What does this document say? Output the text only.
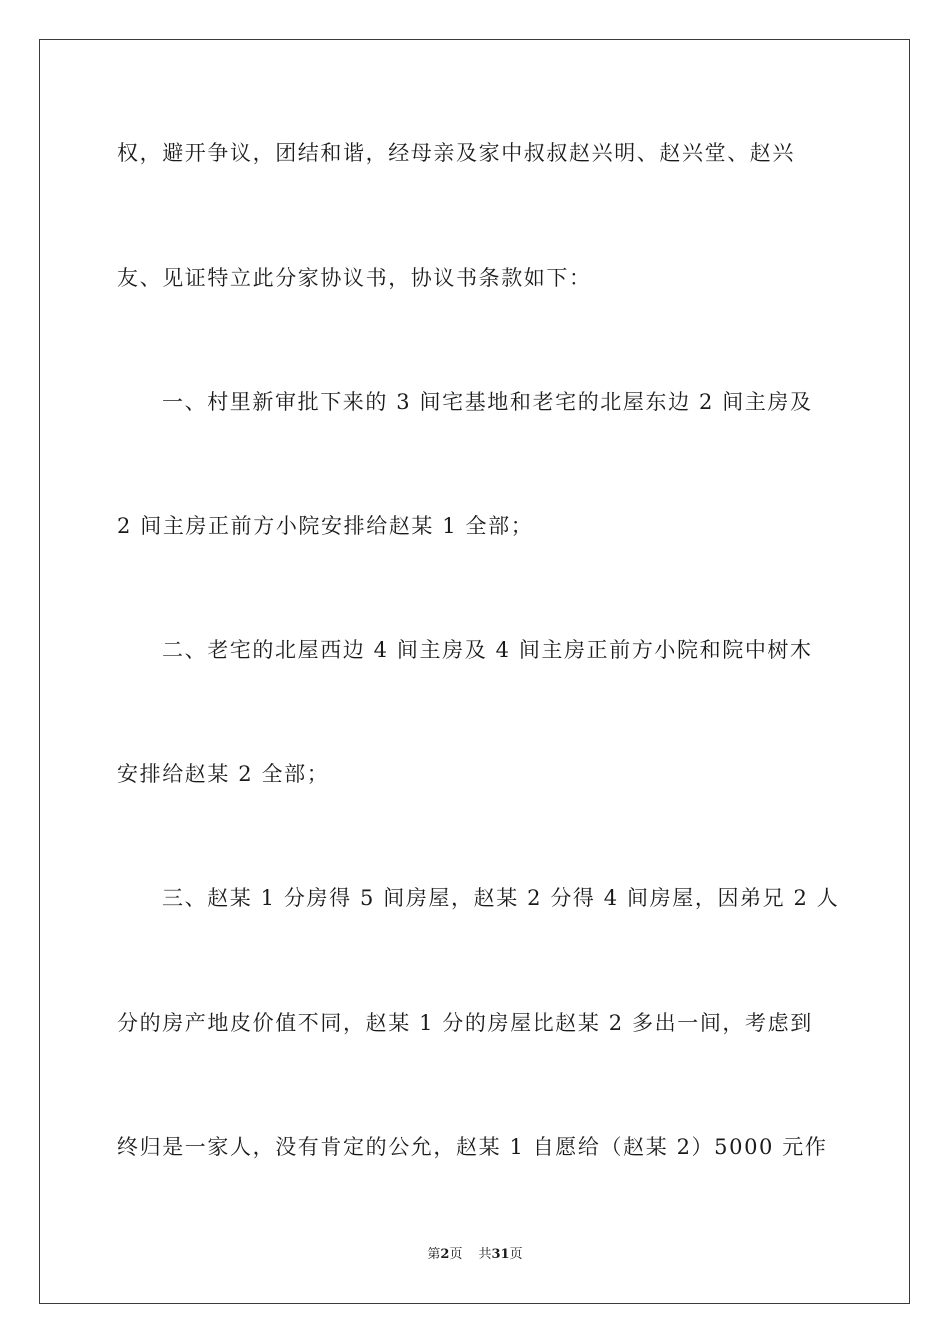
权，避开争议，团结和谐，经母亲及家中叔叔赵兴明、赵兴堂、赵兴
友、见证特立此分家协议书，协议书条款如下：
一、村里新审批下来的 3 间宅基地和老宅的北屋东边 2 间主房及
2 间主房正前方小院安排给赵某 1 全部；
二、老宅的北屋西边 4 间主房及 4 间主房正前方小院和院中树木
安排给赵某 2 全部；
三、赵某 1 分房得 5 间房屋，赵某 2 分得 4 间房屋，因弟兄 2 人
分的房产地皮价值不同，赵某 1 分的房屋比赵某 2 多出一间，考虑到
终归是一家人，没有肯定的公允，赵某 1 自愿给（赵某 2）5000 元作
第2页 共31页
